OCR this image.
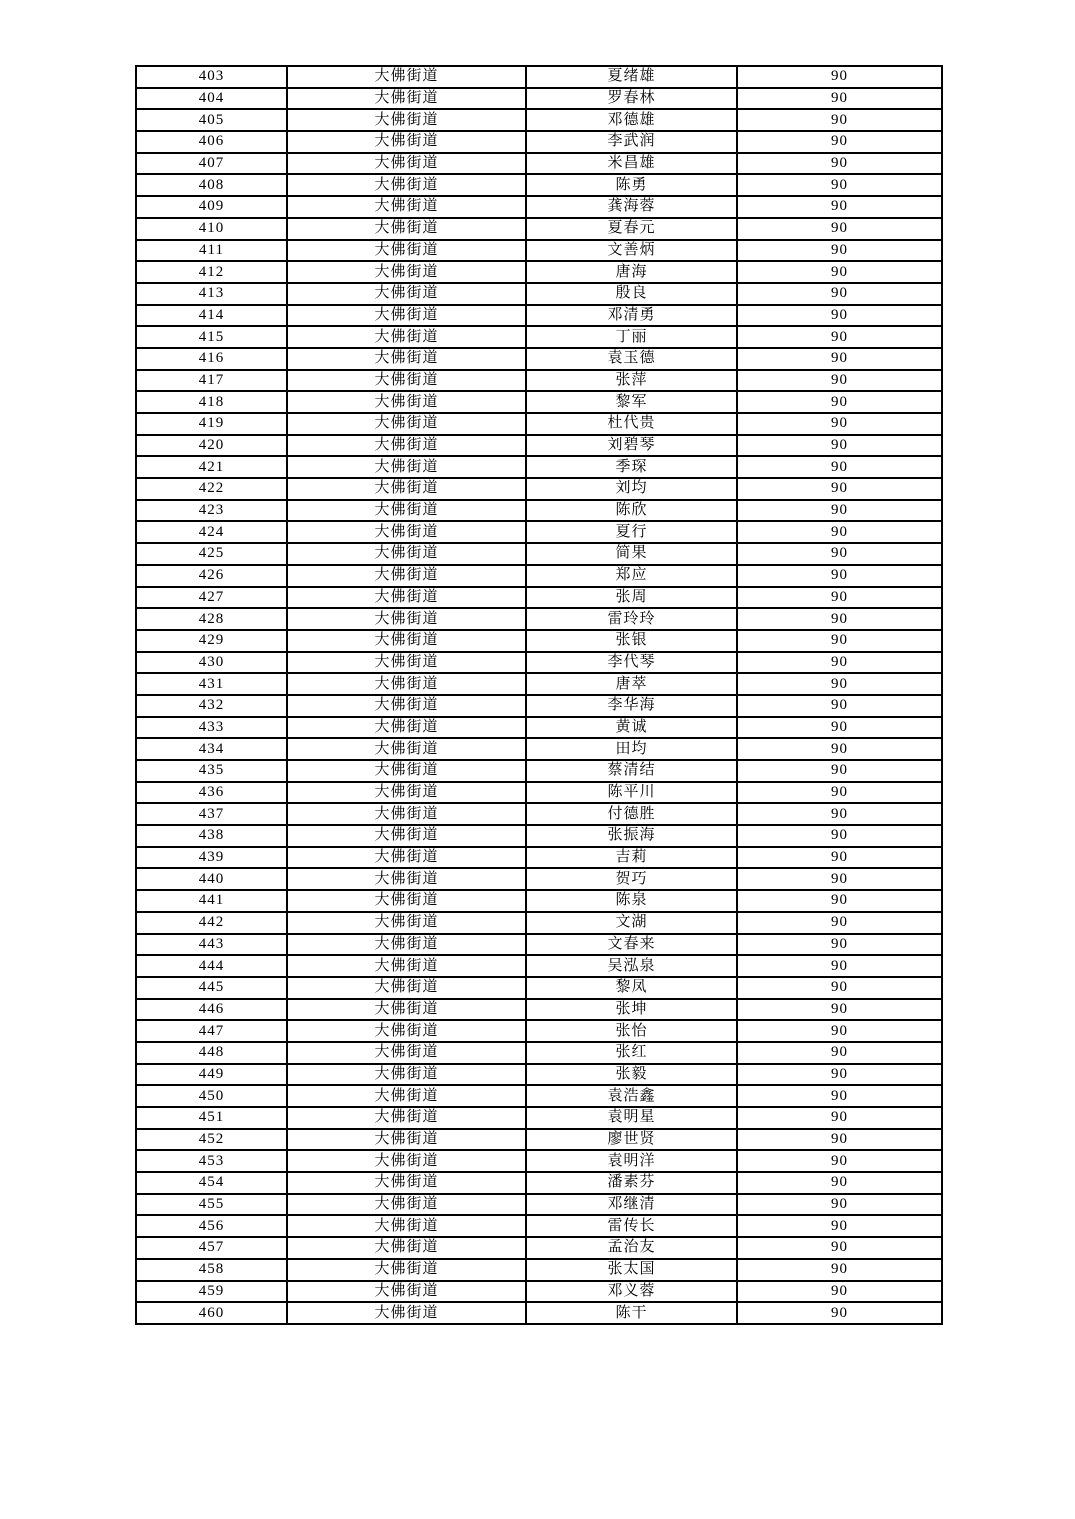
403	大佛街道	夏绪雄	90
404	大佛街道	罗春林	90
405	大佛街道	邓德雄	90
406	大佛街道	李武润	90
407	大佛街道	米昌雄	90
408	大佛街道	陈勇	90
409	大佛街道	龚海蓉	90
410	大佛街道	夏春元	90
411	大佛街道	文善炳	90
412	大佛街道	唐海	90
413	大佛街道	殷良	90
414	大佛街道	邓清勇	90
415	大佛街道	丁丽	90
416	大佛街道	袁玉德	90
417	大佛街道	张萍	90
418	大佛街道	黎军	90
419	大佛街道	杜代贵	90
420	大佛街道	刘碧琴	90
421	大佛街道	季琛	90
422	大佛街道	刘均	90
423	大佛街道	陈欣	90
424	大佛街道	夏行	90
425	大佛街道	简果	90
426	大佛街道	郑应	90
427	大佛街道	张周	90
428	大佛街道	雷玲玲	90
429	大佛街道	张银	90
430	大佛街道	李代琴	90
431	大佛街道	唐萃	90
432	大佛街道	李华海	90
433	大佛街道	黄诚	90
434	大佛街道	田均	90
435	大佛街道	蔡清结	90
436	大佛街道	陈平川	90
437	大佛街道	付德胜	90
438	大佛街道	张振海	90
439	大佛街道	吉莉	90
440	大佛街道	贺巧	90
441	大佛街道	陈泉	90
442	大佛街道	文湖	90
443	大佛街道	文春来	90
444	大佛街道	吴泓泉	90
445	大佛街道	黎凤	90
446	大佛街道	张坤	90
447	大佛街道	张怡	90
448	大佛街道	张红	90
449	大佛街道	张毅	90
450	大佛街道	袁浩鑫	90
451	大佛街道	袁明星	90
452	大佛街道	廖世贤	90
453	大佛街道	袁明洋	90
454	大佛街道	潘素芬	90
455	大佛街道	邓继清	90
456	大佛街道	雷传长	90
457	大佛街道	孟治友	90
458	大佛街道	张太国	90
459	大佛街道	邓义蓉	90
460	大佛街道	陈干	90
